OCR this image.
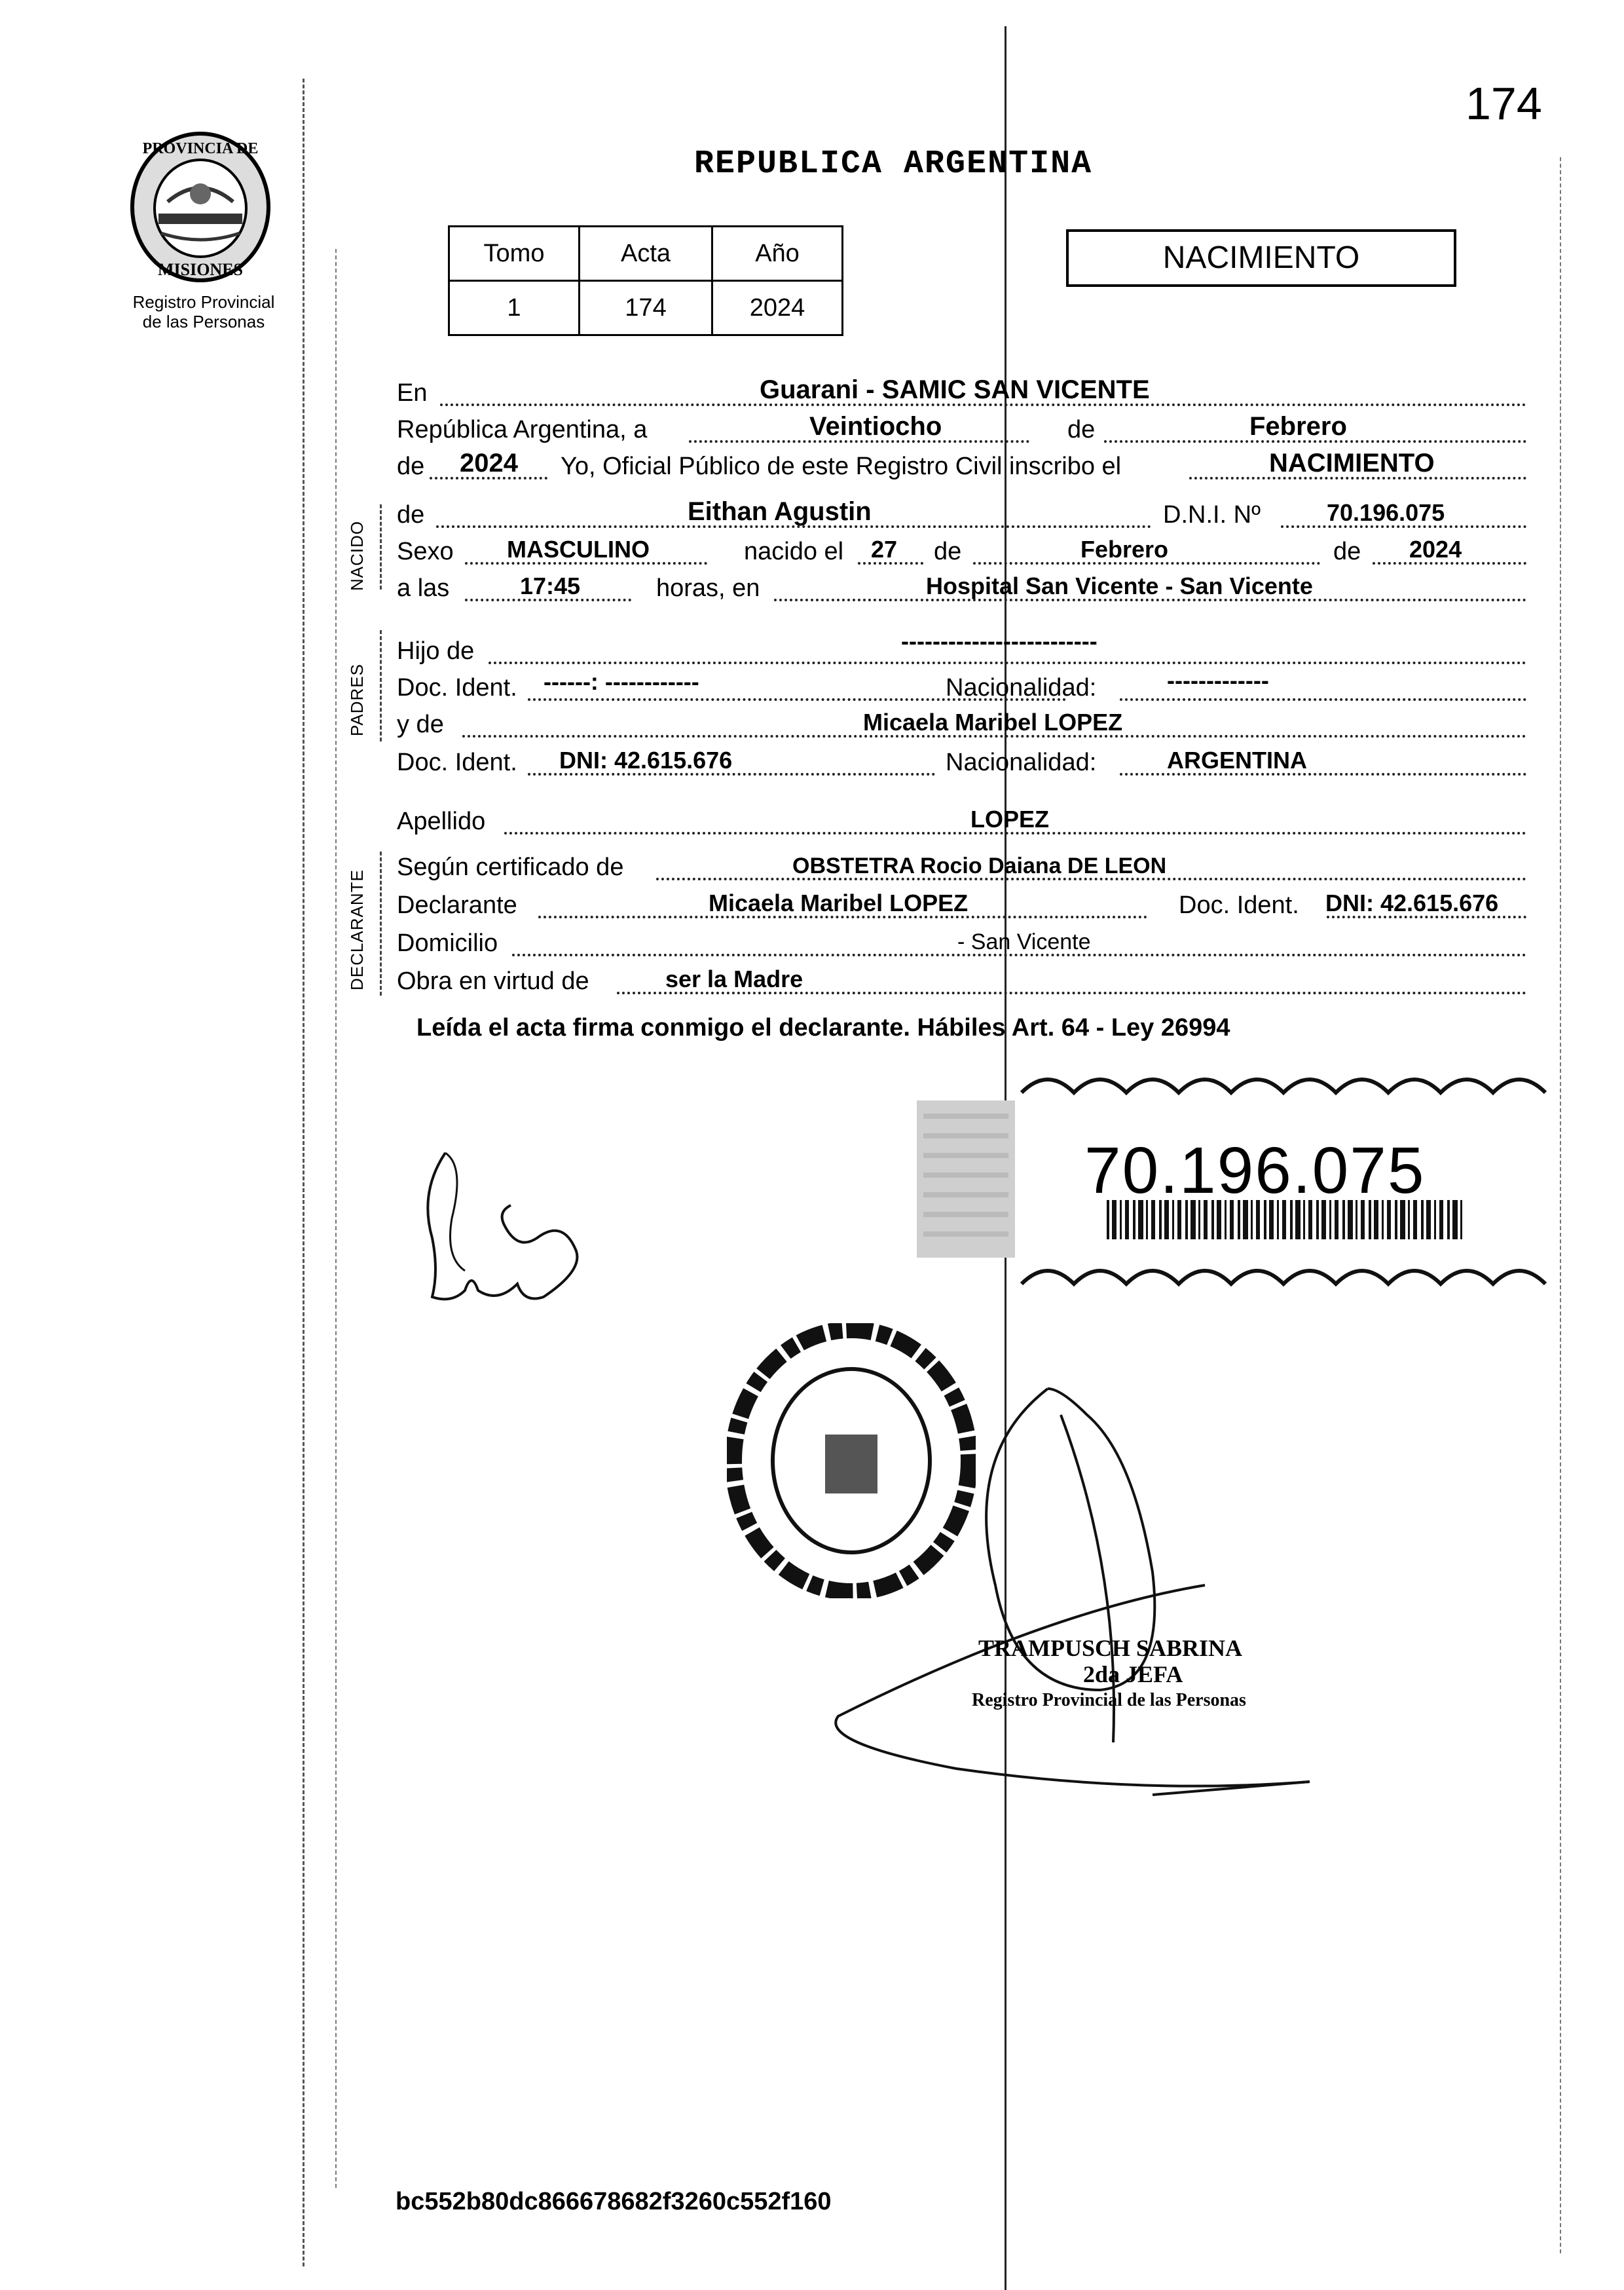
174
PROVINCIA DE
MISIONES
Registro Provincial
de las Personas
REPUBLICA ARGENTINA
Tomo	Acta	Año
1	174	2024
NACIMIENTO
NACIDO
PADRES
DECLARANTE
En	Guarani - SAMIC SAN VICENTE
República Argentina, a	Veintiocho	de	Febrero
de 2024 Yo, Oficial Público de este Registro Civil inscribo el	NACIMIENTO
de	Eithan Agustin	D.N.I. Nº	70.196.075
Sexo MASCULINO	nacido el 27 de	Febrero	de 2024
a las	17:45	horas, en	Hospital San Vicente - San Vicente
Hijo de	-------------------------
Doc. Ident. ------: ------------	Nacionalidad:	-------------
y de	Micaela Maribel LOPEZ
Doc. Ident. DNI: 42.615.676	Nacionalidad:	ARGENTINA
Apellido	LOPEZ
Según certificado de	OBSTETRA Rocio Daiana DE LEON
Declarante	Micaela Maribel LOPEZ	Doc. Ident. DNI: 42.615.676
Domicilio	- San Vicente
Obra en virtud de	ser la Madre
Leída el acta firma conmigo el declarante. Hábiles Art. 64 - Ley 26994
70.196.075
TRAMPUSCH SABRINA
2da JEFA
Registro Provincial de las Personas
bc552b80dc866678682f3260c552f160
